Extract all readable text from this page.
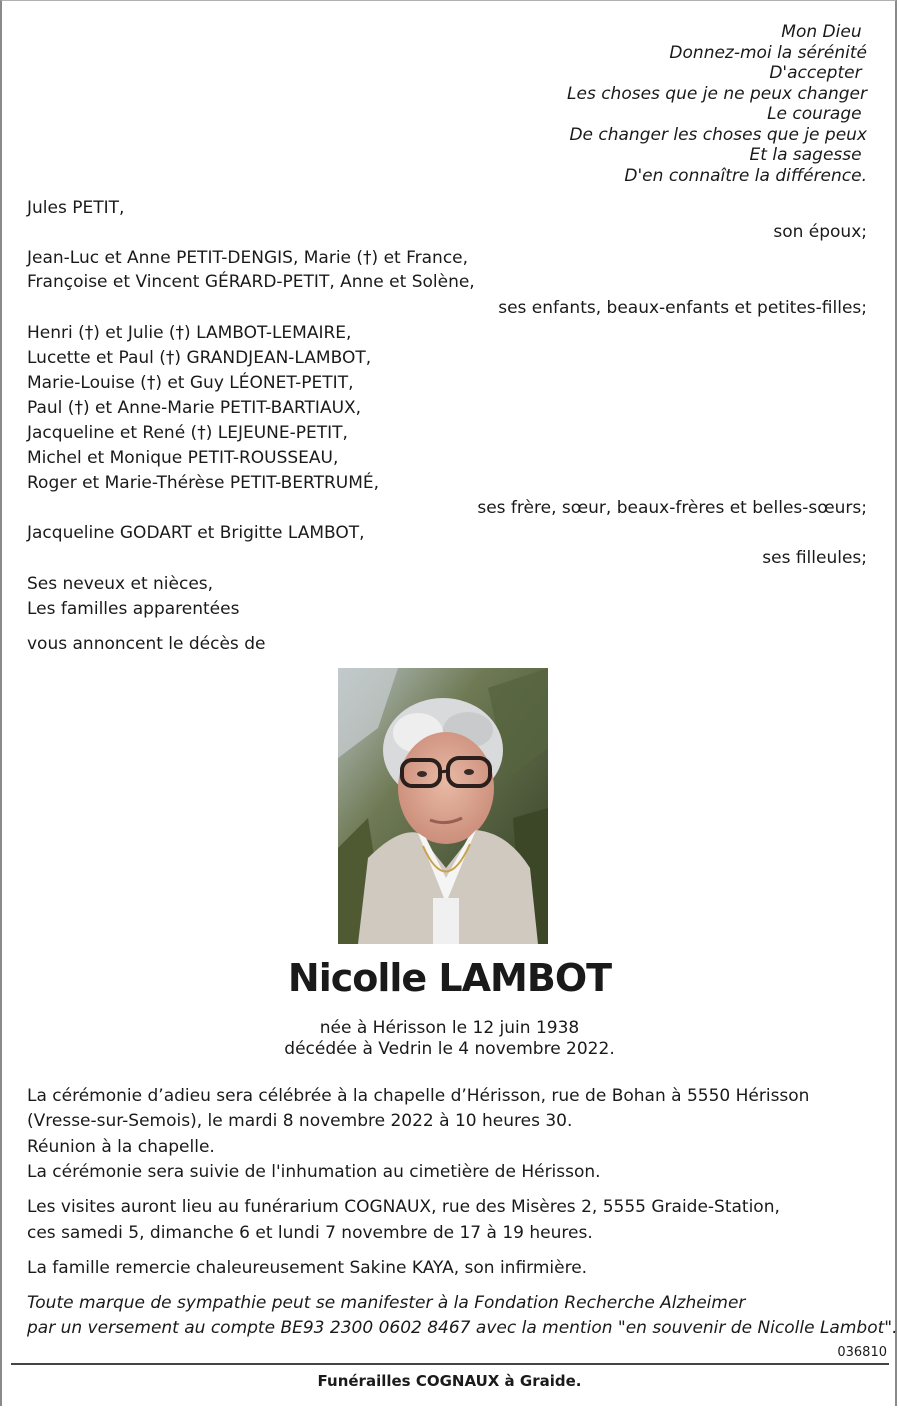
Mon Dieu
Donnez-moi la sérénité
D'accepter
Les choses que je ne peux changer
Le courage
De changer les choses que je peux
Et la sagesse
D'en connaître la différence.
Jules PETIT,
son époux;
Jean-Luc et Anne PETIT-DENGIS, Marie (†) et France,
Françoise et Vincent GÉRARD-PETIT, Anne et Solène,
ses enfants, beaux-enfants et petites-filles;
Henri (†) et Julie (†) LAMBOT-LEMAIRE,
Lucette et Paul (†) GRANDJEAN-LAMBOT,
Marie-Louise (†) et Guy LÉONET-PETIT,
Paul (†) et Anne-Marie PETIT-BARTIAUX,
Jacqueline et René (†) LEJEUNE-PETIT,
Michel et Monique PETIT-ROUSSEAU,
Roger et Marie-Thérèse PETIT-BERTRUMÉ,
ses frère, sœur, beaux-frères et belles-sœurs;
Jacqueline GODART et Brigitte LAMBOT,
ses filleules;
Ses neveux et nièces,
Les familles apparentées
vous annoncent le décès de
Nicolle LAMBOT
née à Hérisson le 12 juin 1938
décédée à Vedrin le 4 novembre 2022.
La cérémonie d’adieu sera célébrée à la chapelle d’Hérisson, rue de Bohan à 5550 Hérisson
(Vresse-sur-Semois), le mardi 8 novembre 2022 à 10 heures 30.
Réunion à la chapelle.
La cérémonie sera suivie de l'inhumation au cimetière de Hérisson.
Les visites auront lieu au funérarium COGNAUX, rue des Misères 2, 5555 Graide-Station,
ces samedi 5, dimanche 6 et lundi 7 novembre de 17 à 19 heures.
La famille remercie chaleureusement Sakine KAYA, son infirmière.
Toute marque de sympathie peut se manifester à la Fondation Recherche Alzheimer
par un versement au compte BE93 2300 0602 8467 avec la mention "en souvenir de Nicolle Lambot".
036810
Funérailles COGNAUX à Graide.
